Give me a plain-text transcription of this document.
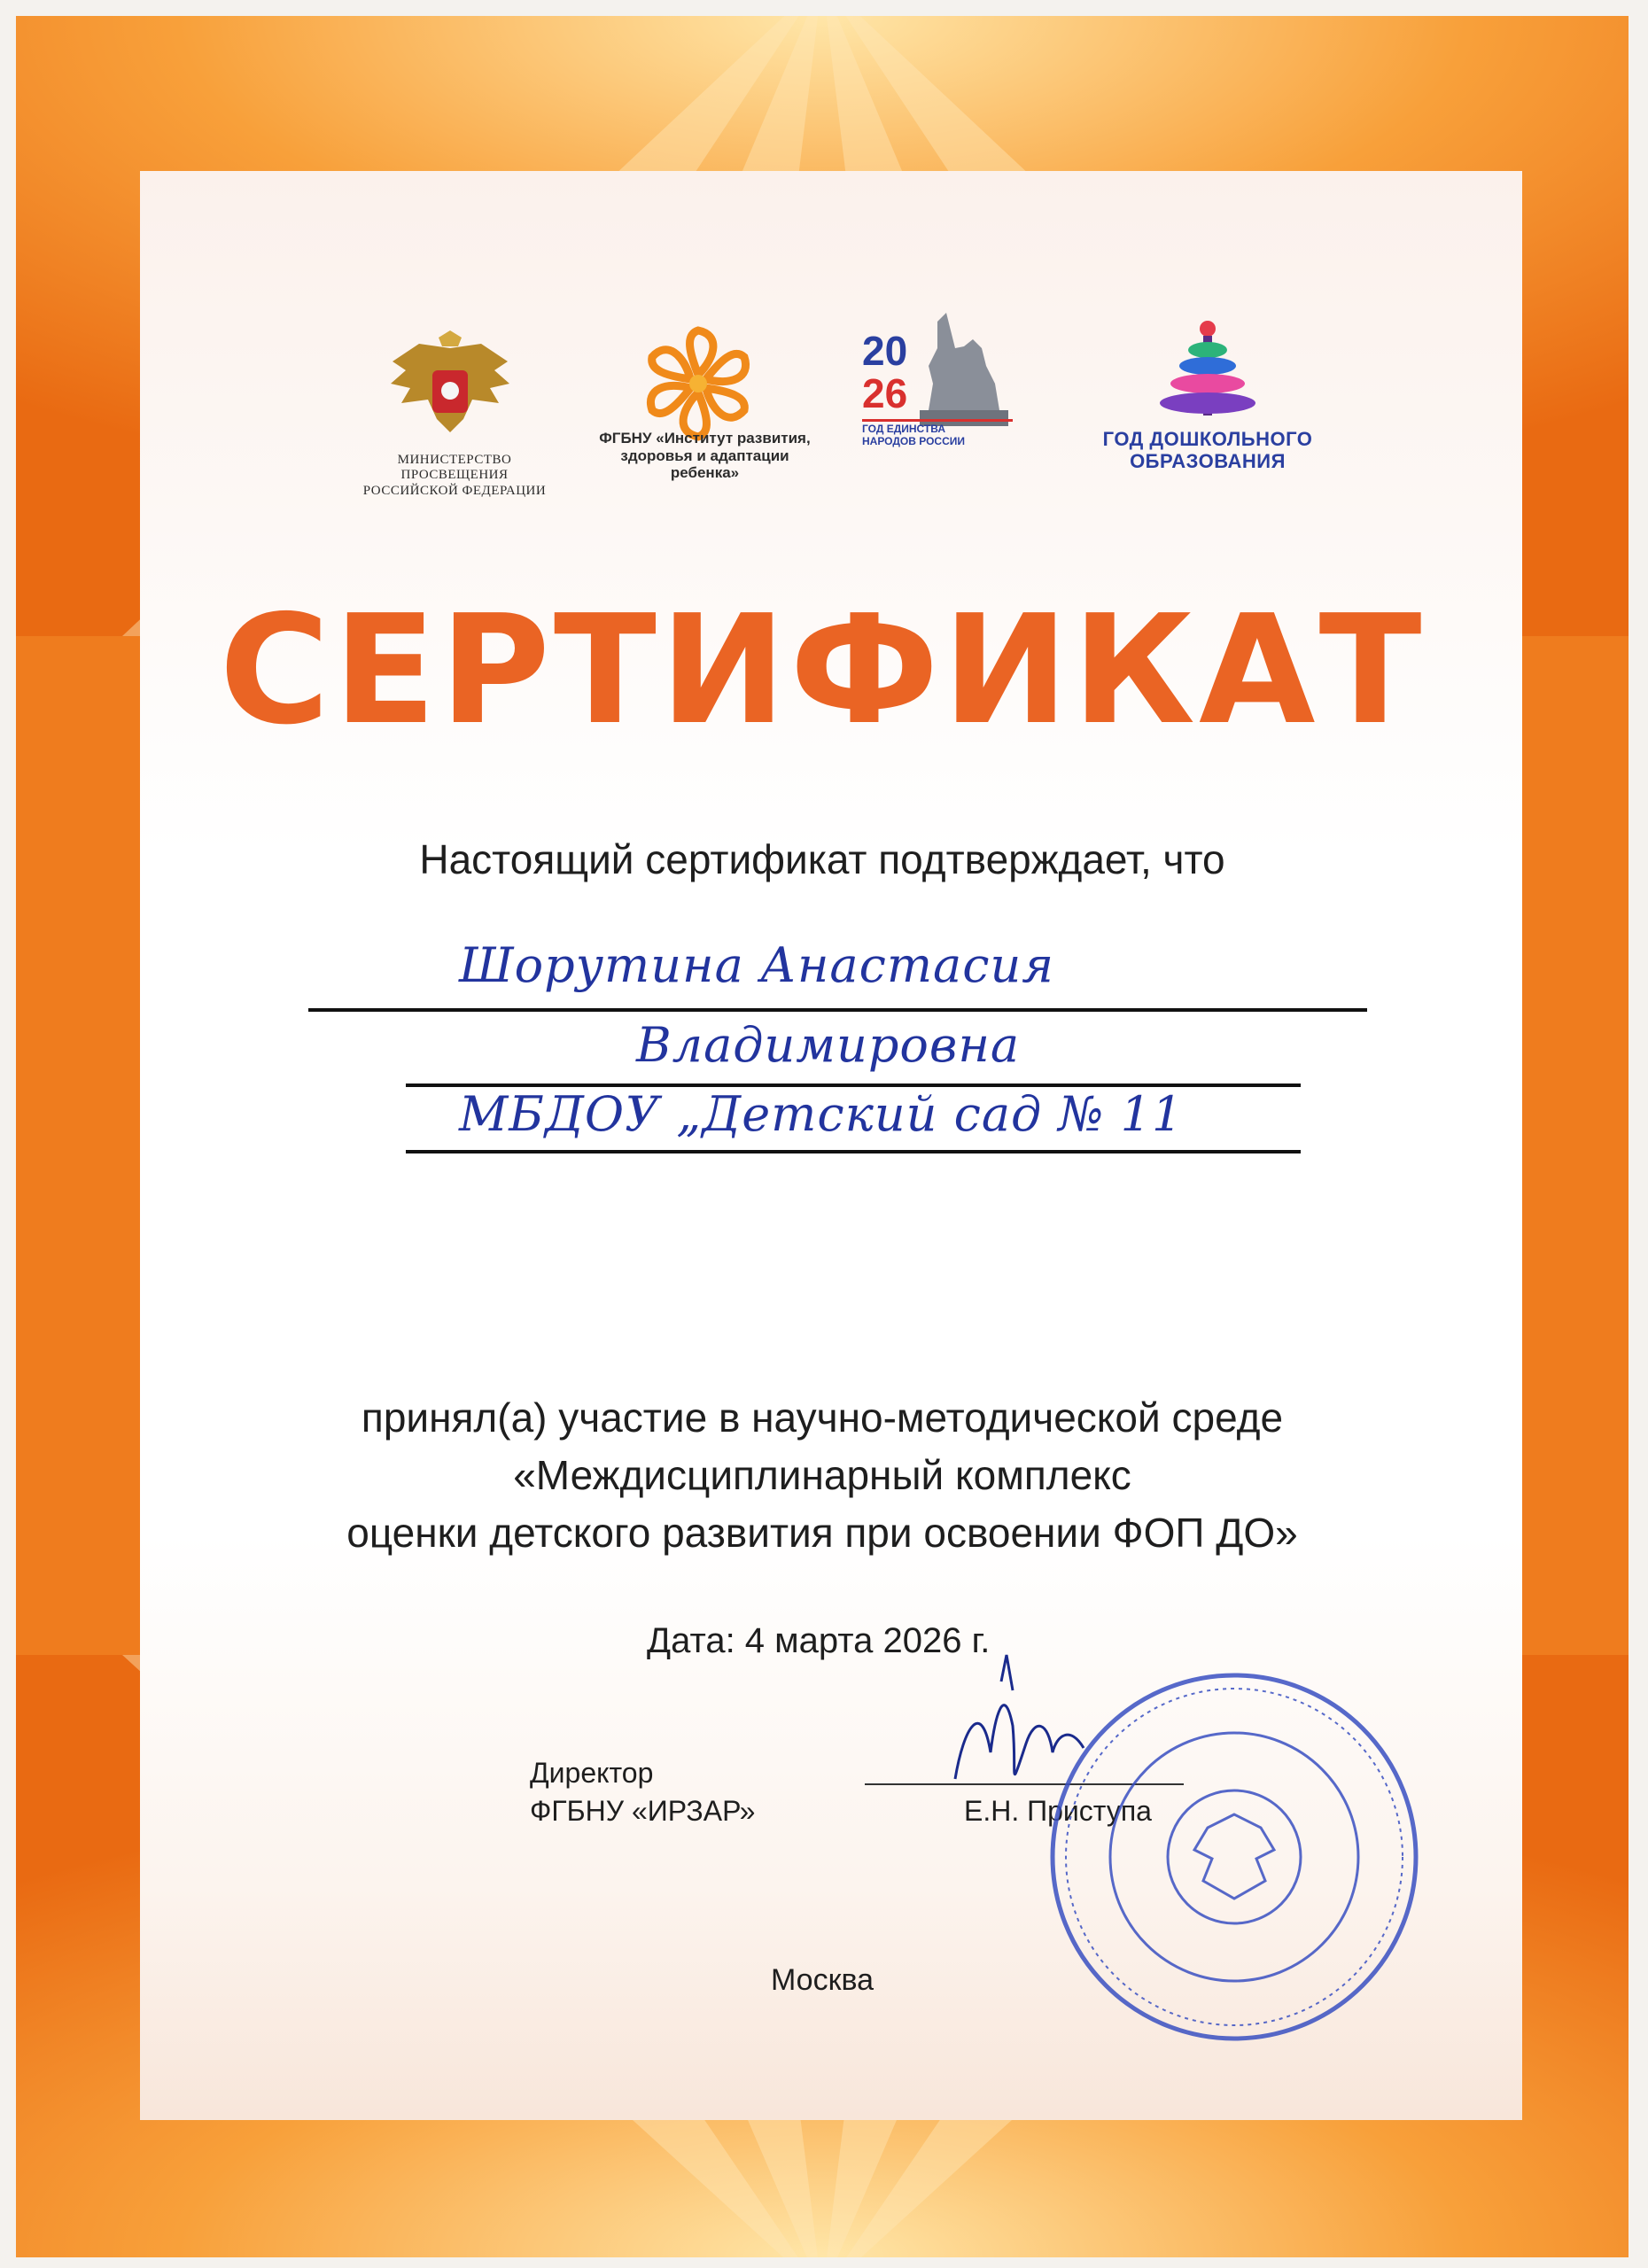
МИНИСТЕРСТВО ПРОСВЕЩЕНИЯ
РОССИЙСКОЙ ФЕДЕРАЦИИ
ФГБНУ «Институт развития,
здоровья и адаптации
ребенка»
20
26
ГОД ЕДИНСТВА
НАРОДОВ РОССИИ	ГОД ДОШКОЛЬНОГО
ОБРАЗОВАНИЯ
СЕРТИФИКАТ
Настоящий сертификат подтверждает, что
Шорутина Анастасия
Владимировна
МБДОУ „Детский сад № 11
принял(а) участие в научно-методической среде
«Междисциплинарный комплекс
оценки детского развития при освоении ФОП ДО»
Дата: 4 марта 2026 г.
Директор
ФГБНУ «ИРЗАР»	Е.Н. Приступа
Москва
